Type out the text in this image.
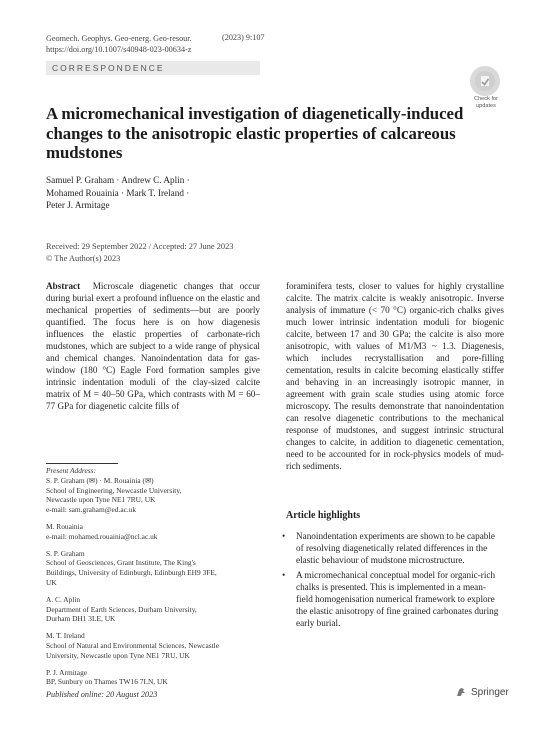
Geomech. Geophys. Geo-energ. Geo-resour.
https://doi.org/10.1007/s40948-023-00634-z
(2023) 9:107
CORRESPONDENCE
Check for
updates
A micromechanical investigation of diagenetically-induced changes to the anisotropic elastic properties of calcareous mudstones
Samuel P. Graham · Andrew C. Aplin ·
Mohamed Rouainia · Mark T. Ireland ·
Peter J. Armitage
Received: 29 September 2022 / Accepted: 27 June 2023
© The Author(s) 2023
Abstract Microscale diagenetic changes that occur during burial exert a profound influence on the elastic and mechanical properties of sediments—but are poorly quantified. The focus here is on how diagenesis influences the elastic properties of carbonate-rich mudstones, which are subject to a wide range of physical and chemical changes. Nanoindentation data for gas-window (180 °C) Eagle Ford formation samples give intrinsic indentation moduli of the clay-sized calcite matrix of M = 40–50 GPa, which contrasts with M = 60–77 GPa for diagenetic calcite fills of
foraminifera tests, closer to values for highly crystalline calcite. The matrix calcite is weakly anisotropic. Inverse analysis of immature (< 70 °C) organic-rich chalks gives much lower intrinsic indentation moduli for biogenic calcite, between 17 and 30 GPa; the calcite is also more anisotropic, with values of M1/M3 ~ 1.3. Diagenesis, which includes recrystallisation and pore-filling cementation, results in calcite becoming elastically stiffer and behaving in an increasingly isotropic manner, in agreement with grain scale studies using atomic force microscopy. The results demonstrate that nanoindentation can resolve diagenetic contributions to the mechanical response of mudstones, and suggest intrinsic structural changes to calcite, in addition to diagenetic cementation, need to be accounted for in rock-physics models of mud-rich sediments.
Present Address:
S. P. Graham (✉) · M. Rouainia (✉)
School of Engineering, Newcastle University,
Newcastle upon Tyne NE1 7RU, UK
e-mail: sam.graham@ed.ac.uk
M. Rouainia
e-mail: mohamed.rouainia@ncl.ac.uk
S. P. Graham
School of Geosciences, Grant Institute, The King's
Buildings, University of Edinburgh, Edinburgh EH9 3FE,
UK
A. C. Aplin
Department of Earth Sciences, Durham University,
Durham DH1 3LE, UK
M. T. Ireland
School of Natural and Environmental Sciences, Newcastle
University, Newcastle upon Tyne NE1 7RU, UK
P. J. Armitage
BP, Sunbury on Thames TW16 7LN, UK
Article highlights
• Nanoindentation experiments are shown to be capable of resolving diagenetically related differences in the elastic behaviour of mudstone microstructure.
• A micromechanical conceptual model for organic-rich chalks is presented. This is implemented in a mean-field homogenisation numerical framework to explore the elastic anisotropy of fine grained carbonates during early burial.
Published online: 20 August 2023	Springer
